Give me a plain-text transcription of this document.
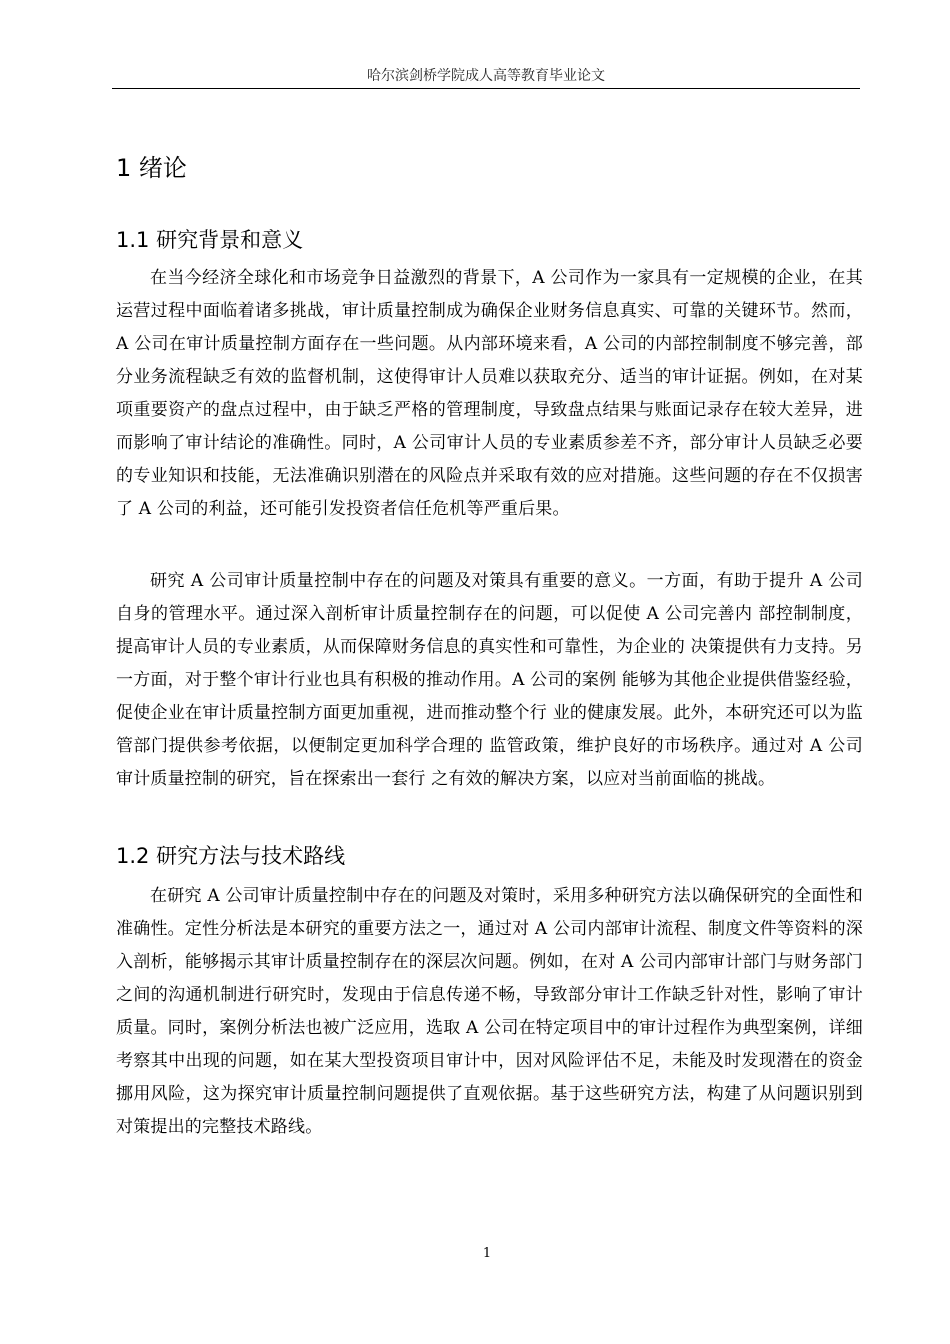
哈尔滨剑桥学院成人高等教育毕业论文
1 绪论
1.1 研究背景和意义

在当今经济全球化和市场竞争日益激烈的背景下，A 公司作为一家具有一定规模的企业，在其运营过程中面临着诸多挑战，审计质量控制成为确保企业财务信息真实、可靠的关键环节。然而，A 公司在审计质量控制方面存在一些问题。从内部环境来看，A 公司的内部控制制度不够完善，部分业务流程缺乏有效的监督机制，这使得审计人员难以获取充分、适当的审计证据。例如，在对某项重要资产的盘点过程中，由于缺乏严格的管理制度，导致盘点结果与账面记录存在较大差异，进而影响了审计结论的准确性。同时，A 公司审计人员的专业素质参差不齐，部分审计人员缺乏必要的专业知识和技能，无法准确识别潜在的风险点并采取有效的应对措施。这些问题的存在不仅损害了 A 公司的利益，还可能引发投资者信任危机等严重后果。

研究 A 公司审计质量控制中存在的问题及对策具有重要的意义。一方面，有助于提升 A 公司自身的管理水平。通过深入剖析审计质量控制存在的问题，可以促使 A 公司完善内 部控制制度，提高审计人员的专业素质，从而保障财务信息的真实性和可靠性，为企业的 决策提供有力支持。另一方面，对于整个审计行业也具有积极的推动作用。A 公司的案例 能够为其他企业提供借鉴经验，促使企业在审计质量控制方面更加重视，进而推动整个行 业的健康发展。此外，本研究还可以为监管部门提供参考依据，以便制定更加科学合理的 监管政策，维护良好的市场秩序。通过对 A 公司审计质量控制的研究，旨在探索出一套行 之有效的解决方案，以应对当前面临的挑战。

1.2 研究方法与技术路线

在研究 A 公司审计质量控制中存在的问题及对策时，采用多种研究方法以确保研究的全面性和准确性。定性分析法是本研究的重要方法之一，通过对 A 公司内部审计流程、制度文件等资料的深入剖析，能够揭示其审计质量控制存在的深层次问题。例如，在对 A 公司内部审计部门与财务部门之间的沟通机制进行研究时，发现由于信息传递不畅，导致部分审计工作缺乏针对性，影响了审计质量。同时，案例分析法也被广泛应用，选取 A 公司在特定项目中的审计过程作为典型案例，详细考察其中出现的问题，如在某大型投资项目审计中，因对风险评估不足，未能及时发现潜在的资金挪用风险，这为探究审计质量控制问题提供了直观依据。基于这些研究方法，构建了从问题识别到对策提出的完整技术路线。

1
